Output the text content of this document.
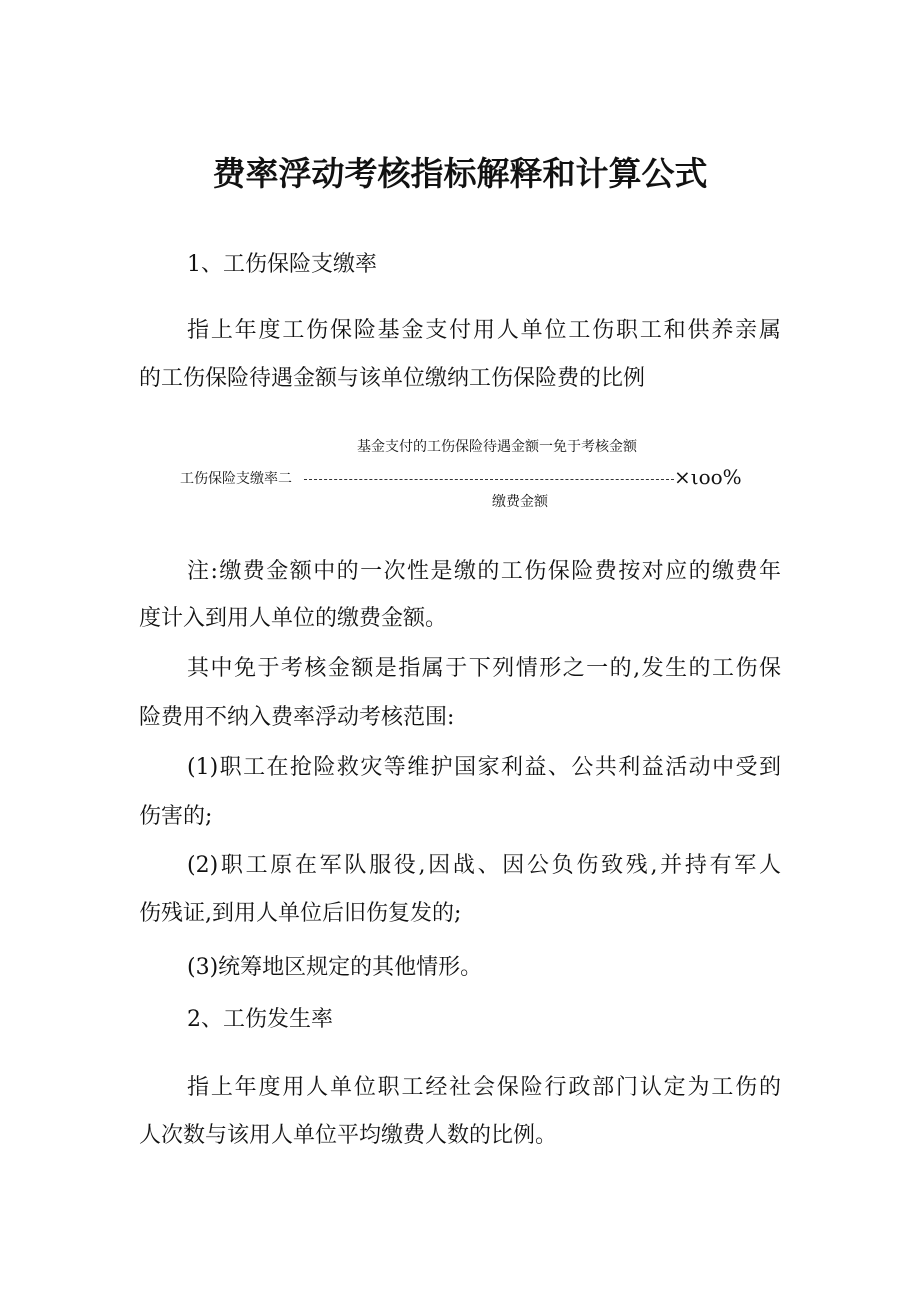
费率浮动考核指标解释和计算公式

1、工伤保险支缴率

指上年度工伤保险基金支付用人单位工伤职工和供养亲属

的工伤保险待遇金额与该单位缴纳工伤保险费的比例

基金支付的工伤保险待遇金额一免于考核金额
工伤保险支缴率二	×ιoo%
缴费金额

注:缴费金额中的一次性是缴的工伤保险费按对应的缴费年

度计入到用人单位的缴费金额。

其中免于考核金额是指属于下列情形之一的,发生的工伤保

险费用不纳入费率浮动考核范围:

(1)职工在抢险救灾等维护国家利益、公共利益活动中受到

伤害的;

(2)职工原在军队服役,因战、因公负伤致残,并持有军人

伤残证,到用人单位后旧伤复发的;

(3)统筹地区规定的其他情形。

2、工伤发生率

指上年度用人单位职工经社会保险行政部门认定为工伤的

人次数与该用人单位平均缴费人数的比例。
